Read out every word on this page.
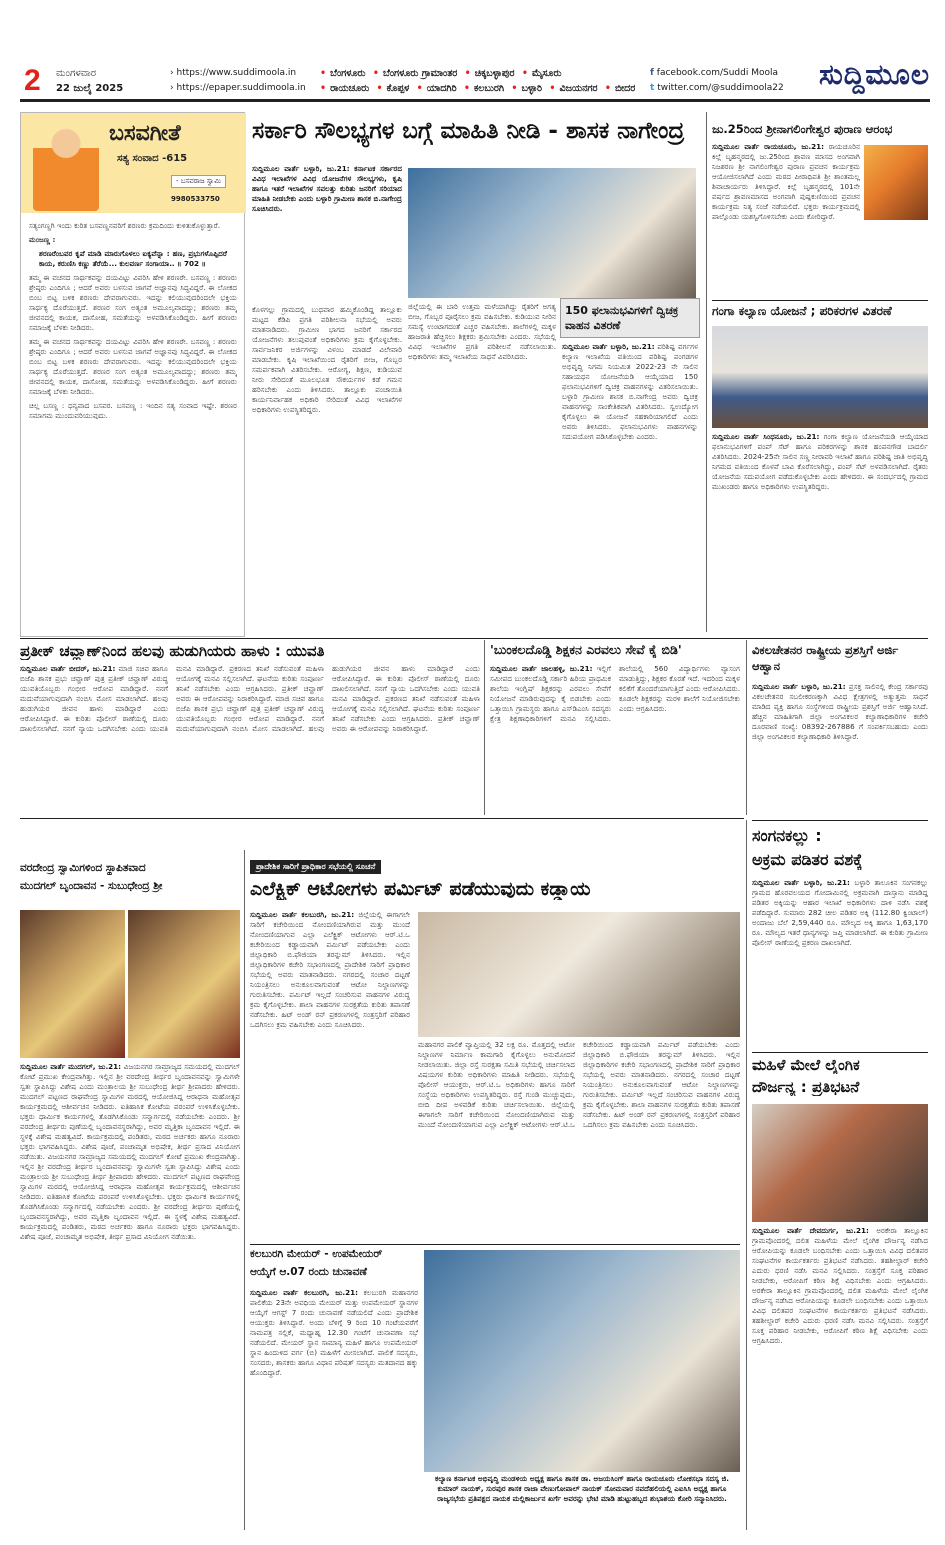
2 ಮಂಗಳವಾರ
22 ಜುಲೈ 2025
› https://www.suddimoola.in
› https://epaper.suddimoola.in
• ಬೆಂಗಳೂರು • ಬೆಂಗಳೂರು ಗ್ರಾಮಾಂತರ • ಚಿಕ್ಕಬಳ್ಳಾಪುರ • ಮೈಸೂರು
• ರಾಯಚೂರು • ಕೊಪ್ಪಳ • ಯಾದಗಿರಿ • ಕಲಬುರಗಿ • ಬಳ್ಳಾರಿ • ವಿಜಯನಗರ • ಬೀದರ
f facebook.com/Suddi Moola
t twitter.com/@suddimoola22 ಸುದ್ದಿಮೂಲ
ಬಸವಗೀತೆ
ಸತ್ಯ ಸಂವಾದ -615
- ಬಸವರಾಜ ಸ್ವಾಮಿ
9980533750

ಸತ್ಯಂಗಣ್ಣಗಿ ಇಂದು ಕುರಿತ ಬಸವಣ್ಣನವರಿಗೆ ಶರಣರು ಕ್ರಮದಿಂದು ಕುಳಿತುಕೊಳ್ಳುತ್ತಾರೆ.

ಮಂಜಣ್ಣ :

ಶರಣರೆಂಬವರ ಕೃಪೆ ಮಾಡಿ ಮಾರುಗೊಳಲು ಐಕ್ಯವೆನ್ನಾ : ಹಣ, ಪ್ರಭುಗಳೊಪ್ಪಿದರೆ ಕಾಯ, ಕರುಣಿಸಿ ಕಣ್ಣು ತೆರೆಯೆ... ಕುಲವರ್ಣ ಸಂಗಾಯಾ.. ॥ 702 ॥

ತಮ್ಮ ಈ ವಚನದ ಸಾರ್ಥಕವನ್ನು ದಯವಿಟ್ಟು ವಿವರಿಸಿ ಹೇಳಿ ಶರಣರೇ. ಬಸವಣ್ಣ : ಶರಣರು ಶ್ರೇಷ್ಠರು ಎಂದಿಗೂ ; ಆದರೆ ಅವರು ಬಳಸುವ ಜಾಗವೆ ಅಜ್ಞಾನವು ಸಿದ್ಧವಿದ್ದರೆ. ಈ ಲೋಕದ ಬಿಂಬ ಬಿಟ್ಟ ಬಳಿಕ ಶರಣರು ದೇವರಾಗುವರು. ಇದನ್ನು ಕಲಿಯುವುದರಿಂದಲೇ ಭಕ್ತಿಯ ಸಾರ್ಥಕ್ಯ ದೊರೆಯುತ್ತದೆ. ಶರಣರ ಸಂಗ ಅತ್ಯಂತ ಅಮೂಲ್ಯವಾದದ್ದು; ಶರಣರು ತಮ್ಮ ಜೀವನದಲ್ಲಿ ಕಾಯಕ, ದಾಸೋಹ, ಸಮತೆಯನ್ನು ಅಳವಡಿಸಿಕೊಂಡಿದ್ದರು. ಹೀಗೆ ಶರಣರು ಸಮಾಜಕ್ಕೆ ಬೆಳಕು ನೀಡಿದರು.

ತಮ್ಮ ಈ ವಚನದ ಸಾರ್ಥಕವನ್ನು ದಯವಿಟ್ಟು ವಿವರಿಸಿ ಹೇಳಿ ಶರಣರೇ. ಬಸವಣ್ಣ : ಶರಣರು ಶ್ರೇಷ್ಠರು ಎಂದಿಗೂ ; ಆದರೆ ಅವರು ಬಳಸುವ ಜಾಗವೆ ಅಜ್ಞಾನವು ಸಿದ್ಧವಿದ್ದರೆ. ಈ ಲೋಕದ ಬಿಂಬ ಬಿಟ್ಟ ಬಳಿಕ ಶರಣರು ದೇವರಾಗುವರು. ಇದನ್ನು ಕಲಿಯುವುದರಿಂದಲೇ ಭಕ್ತಿಯ ಸಾರ್ಥಕ್ಯ ದೊರೆಯುತ್ತದೆ. ಶರಣರ ಸಂಗ ಅತ್ಯಂತ ಅಮೂಲ್ಯವಾದದ್ದು; ಶರಣರು ತಮ್ಮ ಜೀವನದಲ್ಲಿ ಕಾಯಕ, ದಾಸೋಹ, ಸಮತೆಯನ್ನು ಅಳವಡಿಸಿಕೊಂಡಿದ್ದರು. ಹೀಗೆ ಶರಣರು ಸಮಾಜಕ್ಕೆ ಬೆಳಕು ನೀಡಿದರು.

ಚಿಲ್ಲ ಬಸಣ್ಣ : ಧನ್ಯವಾದ ಬಸವರ. ಬಸವಣ್ಣ : ಇಂದಿನ ಸತ್ಯ ಸಂವಾದ ಇಷ್ಟೇ. ಶರಣರ ಸಮಾಗಮ ಮುಂದುವರಿಯುವುದು.

ಸರ್ಕಾರಿ ಸೌಲಭ್ಯಗಳ ಬಗ್ಗೆ ಮಾಹಿತಿ ನೀಡಿ - ಶಾಸಕ ನಾಗೇಂದ್ರ
ಸುದ್ದಿಮೂಲ ವಾರ್ತೆ ಬಳ್ಳಾರಿ, ಜು.21: ಕರ್ನಾಟಕ ಸರ್ಕಾರದ ವಿವಿಧ ಇಲಾಖೆಗಳ ವಿವಿಧ ಯೋಜನೆಗಳ ಸೌಲಭ್ಯಗಳು, ಕೃಷಿ ಹಾಗೂ ಇತರೆ ಇಲಾಖೆಗಳ ಸವಲತ್ತು ಕುರಿತು ಜನರಿಗೆ ಸರಿಯಾದ ಮಾಹಿತಿ ನೀಡಬೇಕು ಎಂದು ಬಳ್ಳಾರಿ ಗ್ರಾಮೀಣ ಶಾಸಕ ಬಿ.ನಾಗೇಂದ್ರ ಸೂಚಿಸಿದರು.
ಕೊಳಗಲ್ಲು ಗ್ರಾಮದಲ್ಲಿ ಬುಧವಾರ ಹಮ್ಮಿಕೊಂಡಿದ್ದ ತಾಲ್ಲೂಕು ಮಟ್ಟದ ಕೆಡಿಪಿ ಪ್ರಗತಿ ಪರಿಶೀಲನಾ ಸಭೆಯಲ್ಲಿ ಅವರು ಮಾತನಾಡಿದರು. ಗ್ರಾಮೀಣ ಭಾಗದ ಜನರಿಗೆ ಸರ್ಕಾರದ ಯೋಜನೆಗಳು ತಲುಪುವಂತೆ ಅಧಿಕಾರಿಗಳು ಕ್ರಮ ಕೈಗೊಳ್ಳಬೇಕು. ಸಾರ್ವಜನಿಕರ ಅರ್ಜಿಗಳನ್ನು ವಿಳಂಬ ಮಾಡದೆ ವಿಲೇವಾರಿ ಮಾಡಬೇಕು. ಕೃಷಿ ಇಲಾಖೆಯಿಂದ ರೈತರಿಗೆ ಬೀಜ, ಗೊಬ್ಬರ ಸಮರ್ಪಕವಾಗಿ ವಿತರಿಸಬೇಕು. ಆರೋಗ್ಯ, ಶಿಕ್ಷಣ, ಕುಡಿಯುವ ನೀರು ಸೇರಿದಂತೆ ಮೂಲಭೂತ ಸೌಕರ್ಯಗಳ ಕಡೆ ಗಮನ ಹರಿಸಬೇಕು ಎಂದು ತಿಳಿಸಿದರು. ತಾಲ್ಲೂಕು ಪಂಚಾಯಿತಿ ಕಾರ್ಯನಿರ್ವಾಹಕ ಅಧಿಕಾರಿ ಸೇರಿದಂತೆ ವಿವಿಧ ಇಲಾಖೆಗಳ ಅಧಿಕಾರಿಗಳು ಉಪಸ್ಥಿತರಿದ್ದರು.
ಜಿಲ್ಲೆಯಲ್ಲಿ ಈ ಬಾರಿ ಉತ್ತಮ ಮಳೆಯಾಗಿದ್ದು ರೈತರಿಗೆ ಅಗತ್ಯ ಬೀಜ, ಗೊಬ್ಬರ ಪೂರೈಸಲು ಕ್ರಮ ವಹಿಸಬೇಕು. ಕುಡಿಯುವ ನೀರಿನ ಸಮಸ್ಯೆ ಉಂಟಾಗದಂತೆ ಎಚ್ಚರ ವಹಿಸಬೇಕು. ಶಾಲೆಗಳಲ್ಲಿ ಮಕ್ಕಳ ಹಾಜರಾತಿ ಹೆಚ್ಚಿಸಲು ಶಿಕ್ಷಕರು ಶ್ರಮಿಸಬೇಕು ಎಂದರು. ಸಭೆಯಲ್ಲಿ ವಿವಿಧ ಇಲಾಖೆಗಳ ಪ್ರಗತಿ ಪರಿಶೀಲನೆ ನಡೆಸಲಾಯಿತು. ಅಧಿಕಾರಿಗಳು ತಮ್ಮ ಇಲಾಖೆಯ ಸಾಧನೆ ವಿವರಿಸಿದರು.
150 ಫಲಾನುಭವಿಗಳಿಗೆ ದ್ವಿಚಕ್ರ ವಾಹನ ವಿತರಣೆ
ಸುದ್ದಿಮೂಲ ವಾರ್ತೆ ಬಳ್ಳಾರಿ, ಜು.21: ಪರಿಶಿಷ್ಟ ವರ್ಗಗಳ ಕಲ್ಯಾಣ ಇಲಾಖೆಯ ವತಿಯಿಂದ ಪರಿಶಿಷ್ಟ ಪಂಗಡಗಳ ಅಭಿವೃದ್ಧಿ ನಿಗಮ ನಿಯಮಿತ 2022-23 ನೇ ಸಾಲಿನ ಸಹಾಯಧನ ಯೋಜನೆಯಡಿ ಆಯ್ಕೆಯಾದ 150 ಫಲಾನುಭವಿಗಳಿಗೆ ದ್ವಿಚಕ್ರ ವಾಹನಗಳನ್ನು ವಿತರಿಸಲಾಯಿತು. ಬಳ್ಳಾರಿ ಗ್ರಾಮೀಣ ಶಾಸಕ ಬಿ.ನಾಗೇಂದ್ರ ಅವರು ದ್ವಿಚಕ್ರ ವಾಹನಗಳನ್ನು ಸಾಂಕೇತಿಕವಾಗಿ ವಿತರಿಸಿದರು. ಸ್ವಉದ್ಯೋಗ ಕೈಗೊಳ್ಳಲು ಈ ಯೋಜನೆ ಸಹಕಾರಿಯಾಗಲಿದೆ ಎಂದು ಅವರು ತಿಳಿಸಿದರು. ಫಲಾನುಭವಿಗಳು ವಾಹನಗಳನ್ನು ಸದುಪಯೋಗ ಪಡಿಸಿಕೊಳ್ಳಬೇಕು ಎಂದರು.
ಜು.25ರಿಂದ ಶ್ರೀನಾಗಲಿಂಗೇಶ್ವರ ಪುರಾಣ ಆರಂಭ
ಸುದ್ದಿಮೂಲ ವಾರ್ತೆ ರಾಯಚೂರು, ಜು.21: ರಾಯಚೂರಿನ ಕಿಲ್ಲೆ ಬೃಹನ್ಮಠದಲ್ಲಿ ಜು.25ರಿಂದ ಶ್ರಾವಣ ಮಾಸದ ಅಂಗವಾಗಿ ನಿಜಶರಣ ಶ್ರೀ ನಾಗಲಿಂಗೇಶ್ವರ ಪುರಾಣ ಪ್ರವಚನ ಕಾರ್ಯಕ್ರಮ ಆಯೋಜಿಸಲಾಗಿದೆ ಎಂದು ಮಠದ ಪೀಠಾಧಿಪತಿ ಶ್ರೀ ಶಾಂತಮಲ್ಲ ಶಿವಾಚಾರ್ಯರು ತಿಳಿಸಿದ್ದಾರೆ. ಕಿಲ್ಲೆ ಬೃಹನ್ಮಠದಲ್ಲಿ 101ನೇ ವರ್ಷದ ಶ್ರಾವಣಮಾಸದ ಅಂಗವಾಗಿ ಪುಷ್ಪಕುಣಿಯಿಂದ ಪ್ರವಚನ ಕಾರ್ಯಕ್ರಮ ನಿತ್ಯ ಸಂಜೆ ನಡೆಯಲಿದೆ. ಭಕ್ತರು ಕಾರ್ಯಕ್ರಮದಲ್ಲಿ ಪಾಲ್ಗೊಂಡು ಯಶಸ್ವಿಗೊಳಿಸಬೇಕು ಎಂದು ಕೋರಿದ್ದಾರೆ.
ಗಂಗಾ ಕಲ್ಯಾಣ ಯೋಜನೆ ; ಪರಿಕರಗಳ ವಿತರಣೆ
ಸುದ್ದಿಮೂಲ ವಾರ್ತೆ ಸಿಂಧನೂರು, ಜು.21: ಗಂಗಾ ಕಲ್ಯಾಣ ಯೋಜನೆಯಡಿ ಆಯ್ಕೆಯಾದ ಫಲಾನುಭವಿಗಳಿಗೆ ಪಂಪ್ ಸೆಟ್ ಹಾಗೂ ಪರಿಕರಗಳನ್ನು ಶಾಸಕ ಹಂಪನಗೌಡ ಬಾದರ್ಲಿ ವಿತರಿಸಿದರು. 2024-25ನೇ ಸಾಲಿನ ಸಣ್ಣ ನೀರಾವರಿ ಇಲಾಖೆ ಹಾಗೂ ಪರಿಶಿಷ್ಟ ಜಾತಿ ಅಭಿವೃದ್ಧಿ ನಿಗಮದ ವತಿಯಿಂದ ಕೊಳವೆ ಬಾವಿ ಕೊರೆಸಲಾಗಿದ್ದು, ಪಂಪ್ ಸೆಟ್ ಅಳವಡಿಸಲಾಗಿದೆ. ರೈತರು ಯೋಜನೆಯ ಸದುಪಯೋಗ ಪಡೆದುಕೊಳ್ಳಬೇಕು ಎಂದು ಹೇಳಿದರು. ಈ ಸಂದರ್ಭದಲ್ಲಿ ಗ್ರಾಮದ ಮುಖಂಡರು ಹಾಗೂ ಅಧಿಕಾರಿಗಳು ಉಪಸ್ಥಿತರಿದ್ದರು.
ಪ್ರತೀಕ್ ಚವ್ಹಾಣ್‌ನಿಂದ ಹಲವು ಹುಡುಗಿಯರು ಹಾಳು : ಯುವತಿ
ಸುದ್ದಿಮೂಲ ವಾರ್ತೆ ಬೀದರ್, ಜು.21: ಮಾಜಿ ಸಚಿವ ಹಾಗೂ ಬಿಜೆಪಿ ಶಾಸಕ ಪ್ರಭು ಚವ್ಹಾಣ್ ಪುತ್ರ ಪ್ರತೀಕ್ ಚವ್ಹಾಣ್ ವಿರುದ್ಧ ಯುವತಿಯೊಬ್ಬರು ಗಂಭೀರ ಆರೋಪ ಮಾಡಿದ್ದಾರೆ. ನನಗೆ ಮದುವೆಯಾಗುವುದಾಗಿ ನಂಬಿಸಿ ಮೋಸ ಮಾಡಲಾಗಿದೆ. ಹಲವು ಹುಡುಗಿಯರ ಜೀವನ ಹಾಳು ಮಾಡಿದ್ದಾರೆ ಎಂದು ಆರೋಪಿಸಿದ್ದಾರೆ. ಈ ಕುರಿತು ಪೊಲೀಸ್ ಠಾಣೆಯಲ್ಲಿ ದೂರು ದಾಖಲಿಸಲಾಗಿದೆ. ನನಗೆ ನ್ಯಾಯ ಒದಗಿಸಬೇಕು ಎಂದು ಯುವತಿ ಮನವಿ ಮಾಡಿದ್ದಾರೆ. ಪ್ರಕರಣದ ತನಿಖೆ ನಡೆಸುವಂತೆ ಮಹಿಳಾ ಆಯೋಗಕ್ಕೆ ಮನವಿ ಸಲ್ಲಿಸಲಾಗಿದೆ. ಘಟನೆಯ ಕುರಿತು ಸಂಪೂರ್ಣ ತನಿಖೆ ನಡೆಸಬೇಕು ಎಂದು ಆಗ್ರಹಿಸಿದರು. ಪ್ರತೀಕ್ ಚವ್ಹಾಣ್ ಅವರು ಈ ಆರೋಪವನ್ನು ನಿರಾಕರಿಸಿದ್ದಾರೆ. ಮಾಜಿ ಸಚಿವ ಹಾಗೂ ಬಿಜೆಪಿ ಶಾಸಕ ಪ್ರಭು ಚವ್ಹಾಣ್ ಪುತ್ರ ಪ್ರತೀಕ್ ಚವ್ಹಾಣ್ ವಿರುದ್ಧ ಯುವತಿಯೊಬ್ಬರು ಗಂಭೀರ ಆರೋಪ ಮಾಡಿದ್ದಾರೆ. ನನಗೆ ಮದುವೆಯಾಗುವುದಾಗಿ ನಂಬಿಸಿ ಮೋಸ ಮಾಡಲಾಗಿದೆ. ಹಲವು ಹುಡುಗಿಯರ ಜೀವನ ಹಾಳು ಮಾಡಿದ್ದಾರೆ ಎಂದು ಆರೋಪಿಸಿದ್ದಾರೆ. ಈ ಕುರಿತು ಪೊಲೀಸ್ ಠಾಣೆಯಲ್ಲಿ ದೂರು ದಾಖಲಿಸಲಾಗಿದೆ. ನನಗೆ ನ್ಯಾಯ ಒದಗಿಸಬೇಕು ಎಂದು ಯುವತಿ ಮನವಿ ಮಾಡಿದ್ದಾರೆ. ಪ್ರಕರಣದ ತನಿಖೆ ನಡೆಸುವಂತೆ ಮಹಿಳಾ ಆಯೋಗಕ್ಕೆ ಮನವಿ ಸಲ್ಲಿಸಲಾಗಿದೆ. ಘಟನೆಯ ಕುರಿತು ಸಂಪೂರ್ಣ ತನಿಖೆ ನಡೆಸಬೇಕು ಎಂದು ಆಗ್ರಹಿಸಿದರು. ಪ್ರತೀಕ್ ಚವ್ಹಾಣ್ ಅವರು ಈ ಆರೋಪವನ್ನು ನಿರಾಕರಿಸಿದ್ದಾರೆ.
'ಬುಂಕಲದೊಡ್ಡಿ ಶಿಕ್ಷಕನ ಎರವಲು ಸೇವೆ ಕೈ ಬಿಡಿ'
ಸುದ್ದಿಮೂಲ ವಾರ್ತೆ ಜಾಲಹಳ್ಳಿ, ಜು.21: ಇಲ್ಲಿಗೆ ಸಮೀಪದ ಬುಂಕಲದೊಡ್ಡಿ ಸರ್ಕಾರಿ ಹಿರಿಯ ಪ್ರಾಥಮಿಕ ಶಾಲೆಯ ಇಂಗ್ಲಿಷ್ ಶಿಕ್ಷಕರನ್ನು ಎರವಲು ಸೇವೆಗೆ ನಿಯೋಜನೆ ಮಾಡಿರುವುದನ್ನು ಕೈ ಬಿಡಬೇಕು ಎಂದು ಒತ್ತಾಯಿಸಿ ಗ್ರಾಮಸ್ಥರು ಹಾಗೂ ಎಸ್‌ಡಿಎಂಸಿ ಸದಸ್ಯರು ಕ್ಷೇತ್ರ ಶಿಕ್ಷಣಾಧಿಕಾರಿಗಳಿಗೆ ಮನವಿ ಸಲ್ಲಿಸಿದರು. ಶಾಲೆಯಲ್ಲಿ 560 ವಿದ್ಯಾರ್ಥಿಗಳು ವ್ಯಾಸಂಗ ಮಾಡುತ್ತಿದ್ದು, ಶಿಕ್ಷಕರ ಕೊರತೆ ಇದೆ. ಇದರಿಂದ ಮಕ್ಕಳ ಕಲಿಕೆಗೆ ತೊಂದರೆಯಾಗುತ್ತಿದೆ ಎಂದು ಆರೋಪಿಸಿದರು. ಕೂಡಲೇ ಶಿಕ್ಷಕರನ್ನು ಮರಳಿ ಶಾಲೆಗೆ ನಿಯೋಜಿಸಬೇಕು ಎಂದು ಆಗ್ರಹಿಸಿದರು.
ವಿಕಲಚೇತನರ ರಾಷ್ಟ್ರೀಯ ಪ್ರಶಸ್ತಿಗೆ ಅರ್ಜಿ ಆಹ್ವಾನ
ಸುದ್ದಿಮೂಲ ವಾರ್ತೆ ಬಳ್ಳಾರಿ, ಜು.21: ಪ್ರಸಕ್ತ ಸಾಲಿನಲ್ಲಿ ಕೇಂದ್ರ ಸರ್ಕಾರವು ವಿಕಲಚೇತನರ ಸಬಲೀಕರಣಕ್ಕಾಗಿ ವಿವಿಧ ಕ್ಷೇತ್ರಗಳಲ್ಲಿ ಅತ್ಯುತ್ತಮ ಸಾಧನೆ ಮಾಡಿದ ವ್ಯಕ್ತಿ ಹಾಗೂ ಸಂಸ್ಥೆಗಳಿಂದ ರಾಷ್ಟ್ರೀಯ ಪ್ರಶಸ್ತಿಗೆ ಅರ್ಜಿ ಆಹ್ವಾನಿಸಿದೆ. ಹೆಚ್ಚಿನ ಮಾಹಿತಿಗಾಗಿ ಜಿಲ್ಲಾ ಅಂಗವಿಕಲರ ಕಲ್ಯಾಣಾಧಿಕಾರಿಗಳ ಕಚೇರಿ ದೂರವಾಣಿ ಸಂಖ್ಯೆ: 08392-267886 ಗೆ ಸಂಪರ್ಕಿಸಬಹುದು ಎಂದು ಜಿಲ್ಲಾ ಅಂಗವಿಕಲರ ಕಲ್ಯಾಣಾಧಿಕಾರಿ ತಿಳಿಸಿದ್ದಾರೆ.
ಸಂಗನಕಲ್ಲು :
ಅಕ್ರಮ ಪಡಿತರ ವಶಕ್ಕೆ
ಸುದ್ದಿಮೂಲ ವಾರ್ತೆ ಬಳ್ಳಾರಿ, ಜು.21: ಬಳ್ಳಾರಿ ತಾಲೂಕಿನ ಸಂಗನಕಲ್ಲು ಗ್ರಾಮದ ಹೊರವಲಯದ ಗೋದಾಮಿನಲ್ಲಿ ಅಕ್ರಮವಾಗಿ ದಾಸ್ತಾನು ಮಾಡಿದ್ದ ಪಡಿತರ ಅಕ್ಕಿಯನ್ನು ಆಹಾರ ಇಲಾಖೆ ಅಧಿಕಾರಿಗಳು ದಾಳಿ ನಡೆಸಿ ವಶಕ್ಕೆ ಪಡೆದಿದ್ದಾರೆ. ಸುಮಾರು 282 ಚೀಲ ಪಡಿತರ ಅಕ್ಕಿ (112.80 ಕ್ವಿಂಟಾಲ್) ಅಂದಾಜು ಬೆಲೆ 2,59,440 ರೂ. ಮೌಲ್ಯದ ಅಕ್ಕಿ ಹಾಗೂ 1,63,170 ರೂ. ಮೌಲ್ಯದ ಇತರೆ ಧಾನ್ಯಗಳನ್ನು ಜಪ್ತಿ ಮಾಡಲಾಗಿದೆ. ಈ ಕುರಿತು ಗ್ರಾಮೀಣ ಪೊಲೀಸ್ ಠಾಣೆಯಲ್ಲಿ ಪ್ರಕರಣ ದಾಖಲಾಗಿದೆ.
ಮಹಿಳೆ ಮೇಲೆ ಲೈಂಗಿಕ
ದೌರ್ಜನ್ಯ : ಪ್ರತಿಭಟನೆ
ಸುದ್ದಿಮೂಲ ವಾರ್ತೆ ದೇವದುರ್ಗ, ಜು.21: ಅರಕೇರಾ ತಾಲ್ಲೂಕಿನ ಗ್ರಾಮವೊಂದರಲ್ಲಿ ದಲಿತ ಮಹಿಳೆಯ ಮೇಲೆ ಲೈಂಗಿಕ ದೌರ್ಜನ್ಯ ನಡೆಸಿದ ಆರೋಪಿಯನ್ನು ಕೂಡಲೇ ಬಂಧಿಸಬೇಕು ಎಂದು ಒತ್ತಾಯಿಸಿ ವಿವಿಧ ದಲಿತಪರ ಸಂಘಟನೆಗಳ ಕಾರ್ಯಕರ್ತರು ಪ್ರತಿಭಟನೆ ನಡೆಸಿದರು. ತಹಶೀಲ್ದಾರ್ ಕಚೇರಿ ಎದುರು ಧರಣಿ ನಡೆಸಿ ಮನವಿ ಸಲ್ಲಿಸಿದರು. ಸಂತ್ರಸ್ತೆಗೆ ಸೂಕ್ತ ಪರಿಹಾರ ನೀಡಬೇಕು, ಆರೋಪಿಗೆ ಕಠಿಣ ಶಿಕ್ಷೆ ವಿಧಿಸಬೇಕು ಎಂದು ಆಗ್ರಹಿಸಿದರು. ಅರಕೇರಾ ತಾಲ್ಲೂಕಿನ ಗ್ರಾಮವೊಂದರಲ್ಲಿ ದಲಿತ ಮಹಿಳೆಯ ಮೇಲೆ ಲೈಂಗಿಕ ದೌರ್ಜನ್ಯ ನಡೆಸಿದ ಆರೋಪಿಯನ್ನು ಕೂಡಲೇ ಬಂಧಿಸಬೇಕು ಎಂದು ಒತ್ತಾಯಿಸಿ ವಿವಿಧ ದಲಿತಪರ ಸಂಘಟನೆಗಳ ಕಾರ್ಯಕರ್ತರು ಪ್ರತಿಭಟನೆ ನಡೆಸಿದರು. ತಹಶೀಲ್ದಾರ್ ಕಚೇರಿ ಎದುರು ಧರಣಿ ನಡೆಸಿ ಮನವಿ ಸಲ್ಲಿಸಿದರು. ಸಂತ್ರಸ್ತೆಗೆ ಸೂಕ್ತ ಪರಿಹಾರ ನೀಡಬೇಕು, ಆರೋಪಿಗೆ ಕಠಿಣ ಶಿಕ್ಷೆ ವಿಧಿಸಬೇಕು ಎಂದು ಆಗ್ರಹಿಸಿದರು.
ವರದೇಂದ್ರ ಸ್ವಾಮಿಗಳಿಂದ ಸ್ಥಾಪಿತವಾದ
ಮುದಗಲ್ ಬೃಂದಾವನ - ಸುಬುಧೇಂದ್ರ ಶ್ರೀ
ಸುದ್ದಿಮೂಲ ವಾರ್ತೆ ಮುದಗಲ್, ಜು.21: ವಿಜಯನಗರ ಸಾಮ್ರಾಜ್ಯದ ಸಮಯದಲ್ಲಿ ಮುದಗಲ್ ಕೋಟೆ ಪ್ರಮುಖ ಕೇಂದ್ರವಾಗಿತ್ತು. ಇಲ್ಲಿನ ಶ್ರೀ ವರದೇಂದ್ರ ತೀರ್ಥರ ಬೃಂದಾವನವನ್ನು ಸ್ವಾಮಿಗಳೇ ಸ್ವತಃ ಸ್ಥಾಪಿಸಿದ್ದು ವಿಶೇಷ ಎಂದು ಮಂತ್ರಾಲಯ ಶ್ರೀ ಸುಬುಧೇಂದ್ರ ತೀರ್ಥ ಶ್ರೀಪಾದರು ಹೇಳಿದರು. ಮುದಗಲ್ ಪಟ್ಟಣದ ರಾಘವೇಂದ್ರ ಸ್ವಾಮಿಗಳ ಮಠದಲ್ಲಿ ಆಯೋಜಿಸಿದ್ದ ಆರಾಧನಾ ಮಹೋತ್ಸವ ಕಾರ್ಯಕ್ರಮದಲ್ಲಿ ಆಶೀರ್ವಚನ ನೀಡಿದರು. ಐತಿಹಾಸಿಕ ಕೋಟೆಯ ಪರಂಪರೆ ಉಳಿಸಿಕೊಳ್ಳಬೇಕು. ಭಕ್ತರು ಧಾರ್ಮಿಕ ಕಾರ್ಯಗಳಲ್ಲಿ ತೊಡಗಿಸಿಕೊಂಡು ಸನ್ಮಾರ್ಗದಲ್ಲಿ ನಡೆಯಬೇಕು ಎಂದರು. ಶ್ರೀ ವರದೇಂದ್ರ ತೀರ್ಥರು ಪುಣೆಯಲ್ಲಿ ಬೃಂದಾವನಸ್ಥರಾಗಿದ್ದು, ಅವರ ಮೃತ್ತಿಕಾ ಬೃಂದಾವನ ಇಲ್ಲಿದೆ. ಈ ಸ್ಥಳಕ್ಕೆ ವಿಶೇಷ ಮಹತ್ವವಿದೆ. ಕಾರ್ಯಕ್ರಮದಲ್ಲಿ ಪಂಡಿತರು, ಮಠದ ಅರ್ಚಕರು ಹಾಗೂ ನೂರಾರು ಭಕ್ತರು ಭಾಗವಹಿಸಿದ್ದರು. ವಿಶೇಷ ಪೂಜೆ, ಪಂಚಾಮೃತ ಅಭಿಷೇಕ, ತೀರ್ಥ ಪ್ರಸಾದ ವಿನಿಯೋಗ ನಡೆಯಿತು. ವಿಜಯನಗರ ಸಾಮ್ರಾಜ್ಯದ ಸಮಯದಲ್ಲಿ ಮುದಗಲ್ ಕೋಟೆ ಪ್ರಮುಖ ಕೇಂದ್ರವಾಗಿತ್ತು. ಇಲ್ಲಿನ ಶ್ರೀ ವರದೇಂದ್ರ ತೀರ್ಥರ ಬೃಂದಾವನವನ್ನು ಸ್ವಾಮಿಗಳೇ ಸ್ವತಃ ಸ್ಥಾಪಿಸಿದ್ದು ವಿಶೇಷ ಎಂದು ಮಂತ್ರಾಲಯ ಶ್ರೀ ಸುಬುಧೇಂದ್ರ ತೀರ್ಥ ಶ್ರೀಪಾದರು ಹೇಳಿದರು. ಮುದಗಲ್ ಪಟ್ಟಣದ ರಾಘವೇಂದ್ರ ಸ್ವಾಮಿಗಳ ಮಠದಲ್ಲಿ ಆಯೋಜಿಸಿದ್ದ ಆರಾಧನಾ ಮಹೋತ್ಸವ ಕಾರ್ಯಕ್ರಮದಲ್ಲಿ ಆಶೀರ್ವಚನ ನೀಡಿದರು. ಐತಿಹಾಸಿಕ ಕೋಟೆಯ ಪರಂಪರೆ ಉಳಿಸಿಕೊಳ್ಳಬೇಕು. ಭಕ್ತರು ಧಾರ್ಮಿಕ ಕಾರ್ಯಗಳಲ್ಲಿ ತೊಡಗಿಸಿಕೊಂಡು ಸನ್ಮಾರ್ಗದಲ್ಲಿ ನಡೆಯಬೇಕು ಎಂದರು. ಶ್ರೀ ವರದೇಂದ್ರ ತೀರ್ಥರು ಪುಣೆಯಲ್ಲಿ ಬೃಂದಾವನಸ್ಥರಾಗಿದ್ದು, ಅವರ ಮೃತ್ತಿಕಾ ಬೃಂದಾವನ ಇಲ್ಲಿದೆ. ಈ ಸ್ಥಳಕ್ಕೆ ವಿಶೇಷ ಮಹತ್ವವಿದೆ. ಕಾರ್ಯಕ್ರಮದಲ್ಲಿ ಪಂಡಿತರು, ಮಠದ ಅರ್ಚಕರು ಹಾಗೂ ನೂರಾರು ಭಕ್ತರು ಭಾಗವಹಿಸಿದ್ದರು. ವಿಶೇಷ ಪೂಜೆ, ಪಂಚಾಮೃತ ಅಭಿಷೇಕ, ತೀರ್ಥ ಪ್ರಸಾದ ವಿನಿಯೋಗ ನಡೆಯಿತು.
ಪ್ರಾದೇಶಿಕ ಸಾರಿಗೆ ಪ್ರಾಧಿಕಾರ ಸಭೆಯಲ್ಲಿ ಸೂಚನೆ
ಎಲೆಕ್ಟ್ರಿಕ್ ಆಟೋಗಳು ಪರ್ಮಿಟ್ ಪಡೆಯುವುದು ಕಡ್ಡಾಯ
ಸುದ್ದಿಮೂಲ ವಾರ್ತೆ ಕಲಬುರಗಿ, ಜು.21: ಜಿಲ್ಲೆಯಲ್ಲಿ ಈಗಾಗಲೇ ಸಾರಿಗೆ ಕಚೇರಿಯಿಂದ ನೋಂದಣಿಯಾಗಿರುವ ಮತ್ತು ಮುಂದೆ ನೋಂದಣಿಯಾಗುವ ಎಲ್ಲಾ ಎಲೆಕ್ಟ್ರಿಕ್ ಆಟೋಗಳು ಆರ್.ಟಿ.ಒ ಕಚೇರಿಯಿಂದ ಕಡ್ಡಾಯವಾಗಿ ಪರ್ಮಿಟ್ ಪಡೆಯಬೇಕು ಎಂದು ಜಿಲ್ಲಾಧಿಕಾರಿ ಬಿ.ಫೌಜಿಯಾ ತರನ್ನುಮ್ ತಿಳಿಸಿದರು. ಇಲ್ಲಿನ ಜಿಲ್ಲಾಧಿಕಾರಿಗಳ ಕಚೇರಿ ಸಭಾಂಗಣದಲ್ಲಿ ಪ್ರಾದೇಶಿಕ ಸಾರಿಗೆ ಪ್ರಾಧಿಕಾರ ಸಭೆಯಲ್ಲಿ ಅವರು ಮಾತನಾಡಿದರು. ನಗರದಲ್ಲಿ ಸಂಚಾರ ದಟ್ಟಣೆ ನಿಯಂತ್ರಿಸಲು ಅನುಕೂಲವಾಗುವಂತೆ ಆಟೋ ನಿಲ್ದಾಣಗಳನ್ನು ಗುರುತಿಸಬೇಕು. ಪರ್ಮಿಟ್ ಇಲ್ಲದೆ ಸಂಚರಿಸುವ ವಾಹನಗಳ ವಿರುದ್ಧ ಕ್ರಮ ಕೈಗೊಳ್ಳಬೇಕು. ಶಾಲಾ ವಾಹನಗಳ ಸುರಕ್ಷತೆಯ ಕುರಿತು ತಪಾಸಣೆ ನಡೆಸಬೇಕು. ಹಿಟ್ ಅಂಡ್ ರನ್ ಪ್ರಕರಣಗಳಲ್ಲಿ ಸಂತ್ರಸ್ತರಿಗೆ ಪರಿಹಾರ ಒದಗಿಸಲು ಕ್ರಮ ವಹಿಸಬೇಕು ಎಂದು ಸೂಚಿಸಿದರು.
ಮಹಾನಗರ ಪಾಲಿಕೆ ವ್ಯಾಪ್ತಿಯಲ್ಲಿ 32 ಲಕ್ಷ ರೂ. ಮೊತ್ತದಲ್ಲಿ ಆಟೋ ನಿಲ್ದಾಣಗಳ ನಿರ್ಮಾಣ ಕಾಮಗಾರಿ ಕೈಗೊಳ್ಳಲು ಅನುಮೋದನೆ ನೀಡಲಾಯಿತು. ಜಿಲ್ಲಾ ರಸ್ತೆ ಸುರಕ್ಷತಾ ಸಮಿತಿ ಸಭೆಯಲ್ಲಿ ಚರ್ಚಿಸಲಾದ ವಿಷಯಗಳ ಕುರಿತು ಅಧಿಕಾರಿಗಳು ಮಾಹಿತಿ ನೀಡಿದರು. ಸಭೆಯಲ್ಲಿ ಪೊಲೀಸ್ ಆಯುಕ್ತರು, ಆರ್.ಟಿ.ಒ ಅಧಿಕಾರಿಗಳು ಹಾಗೂ ಸಾರಿಗೆ ಸಂಸ್ಥೆಯ ಅಧಿಕಾರಿಗಳು ಉಪಸ್ಥಿತರಿದ್ದರು. ರಸ್ತೆ ಗುಂಡಿ ಮುಚ್ಚುವುದು, ಬೀದಿ ದೀಪ ಅಳವಡಿಕೆ ಕುರಿತು ಚರ್ಚಿಸಲಾಯಿತು. ಜಿಲ್ಲೆಯಲ್ಲಿ ಈಗಾಗಲೇ ಸಾರಿಗೆ ಕಚೇರಿಯಿಂದ ನೋಂದಣಿಯಾಗಿರುವ ಮತ್ತು ಮುಂದೆ ನೋಂದಣಿಯಾಗುವ ಎಲ್ಲಾ ಎಲೆಕ್ಟ್ರಿಕ್ ಆಟೋಗಳು ಆರ್.ಟಿ.ಒ ಕಚೇರಿಯಿಂದ ಕಡ್ಡಾಯವಾಗಿ ಪರ್ಮಿಟ್ ಪಡೆಯಬೇಕು ಎಂದು ಜಿಲ್ಲಾಧಿಕಾರಿ ಬಿ.ಫೌಜಿಯಾ ತರನ್ನುಮ್ ತಿಳಿಸಿದರು. ಇಲ್ಲಿನ ಜಿಲ್ಲಾಧಿಕಾರಿಗಳ ಕಚೇರಿ ಸಭಾಂಗಣದಲ್ಲಿ ಪ್ರಾದೇಶಿಕ ಸಾರಿಗೆ ಪ್ರಾಧಿಕಾರ ಸಭೆಯಲ್ಲಿ ಅವರು ಮಾತನಾಡಿದರು. ನಗರದಲ್ಲಿ ಸಂಚಾರ ದಟ್ಟಣೆ ನಿಯಂತ್ರಿಸಲು ಅನುಕೂಲವಾಗುವಂತೆ ಆಟೋ ನಿಲ್ದಾಣಗಳನ್ನು ಗುರುತಿಸಬೇಕು. ಪರ್ಮಿಟ್ ಇಲ್ಲದೆ ಸಂಚರಿಸುವ ವಾಹನಗಳ ವಿರುದ್ಧ ಕ್ರಮ ಕೈಗೊಳ್ಳಬೇಕು. ಶಾಲಾ ವಾಹನಗಳ ಸುರಕ್ಷತೆಯ ಕುರಿತು ತಪಾಸಣೆ ನಡೆಸಬೇಕು. ಹಿಟ್ ಅಂಡ್ ರನ್ ಪ್ರಕರಣಗಳಲ್ಲಿ ಸಂತ್ರಸ್ತರಿಗೆ ಪರಿಹಾರ ಒದಗಿಸಲು ಕ್ರಮ ವಹಿಸಬೇಕು ಎಂದು ಸೂಚಿಸಿದರು.
ಕಲಬುರಗಿ ಮೇಯರ್ - ಉಪಮೇಯರ್
ಆಯ್ಕೆಗೆ ಆ.07 ರಂದು ಚುನಾವಣೆ
ಸುದ್ದಿಮೂಲ ವಾರ್ತೆ ಕಲಬುರಗಿ, ಜು.21: ಕಲಬುರಗಿ ಮಹಾನಗರ ಪಾಲಿಕೆಯ 23ನೇ ಅವಧಿಯ ಮೇಯರ್ ಮತ್ತು ಉಪಮೇಯರ್ ಸ್ಥಾನಗಳ ಆಯ್ಕೆಗೆ ಆಗಸ್ಟ್ 7 ರಂದು ಚುನಾವಣೆ ನಡೆಯಲಿದೆ ಎಂದು ಪ್ರಾದೇಶಿಕ ಆಯುಕ್ತರು ತಿಳಿಸಿದ್ದಾರೆ. ಅಂದು ಬೆಳಿಗ್ಗೆ 9 ರಿಂದ 10 ಗಂಟೆಯವರೆಗೆ ನಾಮಪತ್ರ ಸಲ್ಲಿಕೆ, ಮಧ್ಯಾಹ್ನ 12.30 ಗಂಟೆಗೆ ಚುನಾವಣಾ ಸಭೆ ನಡೆಯಲಿದೆ. ಮೇಯರ್ ಸ್ಥಾನ ಸಾಮಾನ್ಯ ಮಹಿಳೆ ಹಾಗೂ ಉಪಮೇಯರ್ ಸ್ಥಾನ ಹಿಂದುಳಿದ ವರ್ಗ (ಬಿ) ಮಹಿಳೆಗೆ ಮೀಸಲಾಗಿದೆ. ಪಾಲಿಕೆ ಸದಸ್ಯರು, ಸಂಸದರು, ಶಾಸಕರು ಹಾಗೂ ವಿಧಾನ ಪರಿಷತ್ ಸದಸ್ಯರು ಮತದಾನದ ಹಕ್ಕು ಹೊಂದಿದ್ದಾರೆ.
ಕಲ್ಯಾಣ ಕರ್ನಾಟಕ ಅಭಿವೃದ್ಧಿ ಮಂಡಳಿಯ ಅಧ್ಯಕ್ಷ ಹಾಗೂ ಶಾಸಕ ಡಾ. ಅಜಯಸಿಂಗ್ ಹಾಗೂ ರಾಯಚೂರು ಲೋಕಸಭಾ ಸದಸ್ಯ ಜಿ. ಕುಮಾರ್ ನಾಯಕ್, ಸುರಪುರ ಶಾಸಕ ರಾಜಾ ವೇಣುಗೋಪಾಲ್ ನಾಯಕ್ ಸೋಮವಾರ ನವದೆಹಲಿಯಲ್ಲಿ ಎಐಸಿಸಿ ಅಧ್ಯಕ್ಷ ಹಾಗೂ ರಾಜ್ಯಸಭೆಯ ಪ್ರತಿಪಕ್ಷದ ನಾಯಕ ಮಲ್ಲಿಕಾರ್ಜುನ ಖರ್ಗೆ ಅವರನ್ನು ಭೇಟಿ ಮಾಡಿ ಹುಟ್ಟುಹಬ್ಬದ ಶುಭಾಶಯ ಕೋರಿ ಸನ್ಮಾನಿಸಿದರು.
